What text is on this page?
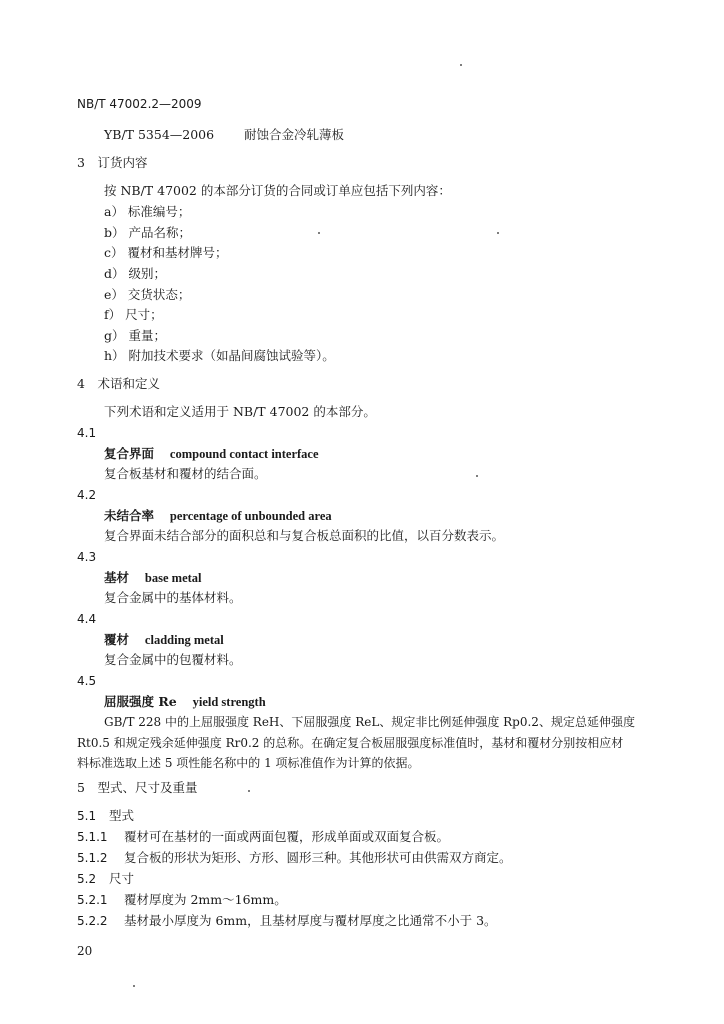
NB/T 47002.2—2009
YB/T 5354—2006 耐蚀合金冷轧薄板
3　订货内容
按 NB/T 47002 的本部分订货的合同或订单应包括下列内容：
a） 标准编号；
b） 产品名称；
c） 覆材和基材牌号；
d） 级别；
e） 交货状态；
f） 尺寸；
g） 重量；
h） 附加技术要求（如晶间腐蚀试验等）。
4　术语和定义
下列术语和定义适用于 NB/T 47002 的本部分。
4.1
复合界面 compound contact interface
复合板基材和覆材的结合面。
4.2
未结合率 percentage of unbounded area
复合界面未结合部分的面积总和与复合板总面积的比值，以百分数表示。
4.3
基材 base metal
复合金属中的基体材料。
4.4
覆材 cladding metal
复合金属中的包覆材料。
4.5
屈服强度 Re yield strength
GB/T 228 中的上屈服强度 ReH、下屈服强度 ReL、规定非比例延伸强度 Rp0.2、规定总延伸强度
Rt0.5 和规定残余延伸强度 Rr0.2 的总称。在确定复合板屈服强度标准值时，基材和覆材分别按相应材
料标准选取上述 5 项性能名称中的 1 项标准值作为计算的依据。
5　型式、尺寸及重量
5.1 型式
5.1.1 覆材可在基材的一面或两面包覆，形成单面或双面复合板。
5.1.2 复合板的形状为矩形、方形、圆形三种。其他形状可由供需双方商定。
5.2 尺寸
5.2.1 覆材厚度为 2mm～16mm。
5.2.2 基材最小厚度为 6mm，且基材厚度与覆材厚度之比通常不小于 3。
20
